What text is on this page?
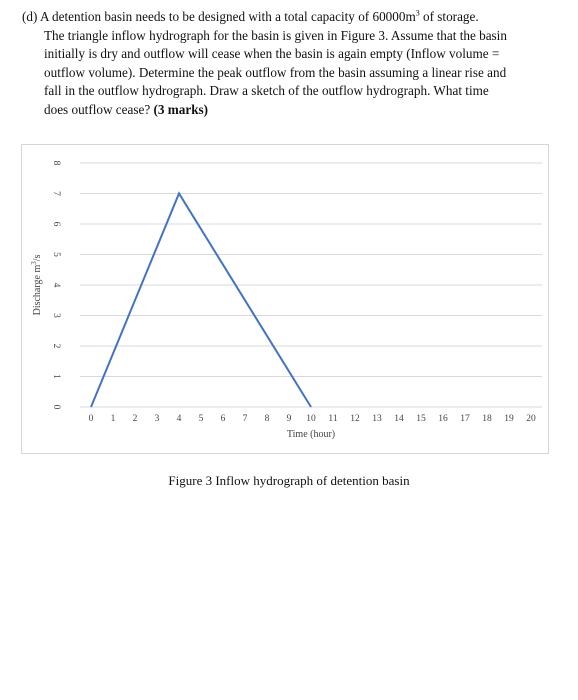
(d) A detention basin needs to be designed with a total capacity of $60000m^3$ of storage.
The triangle inflow hydrograph for the basin is given in Figure 3. Assume that the basin
initially is dry and outflow will cease when the basin is again empty (Inflow volume =
outflow volume). Determine the peak outflow from the basin assuming a linear rise and
fall in the outflow hydrograph. Draw a sketch of the outflow hydrograph. What time
does outflow cease? (3 marks)
0
1
2
3
4
5
6
7
8
0 1 2 3 4 5 6 7 8 9 10 11 12 13 14 15 16 17 18 19 20
Time (hour)
Discharge $m^3/s$
Figure 3 Inflow hydrograph of detention basin
